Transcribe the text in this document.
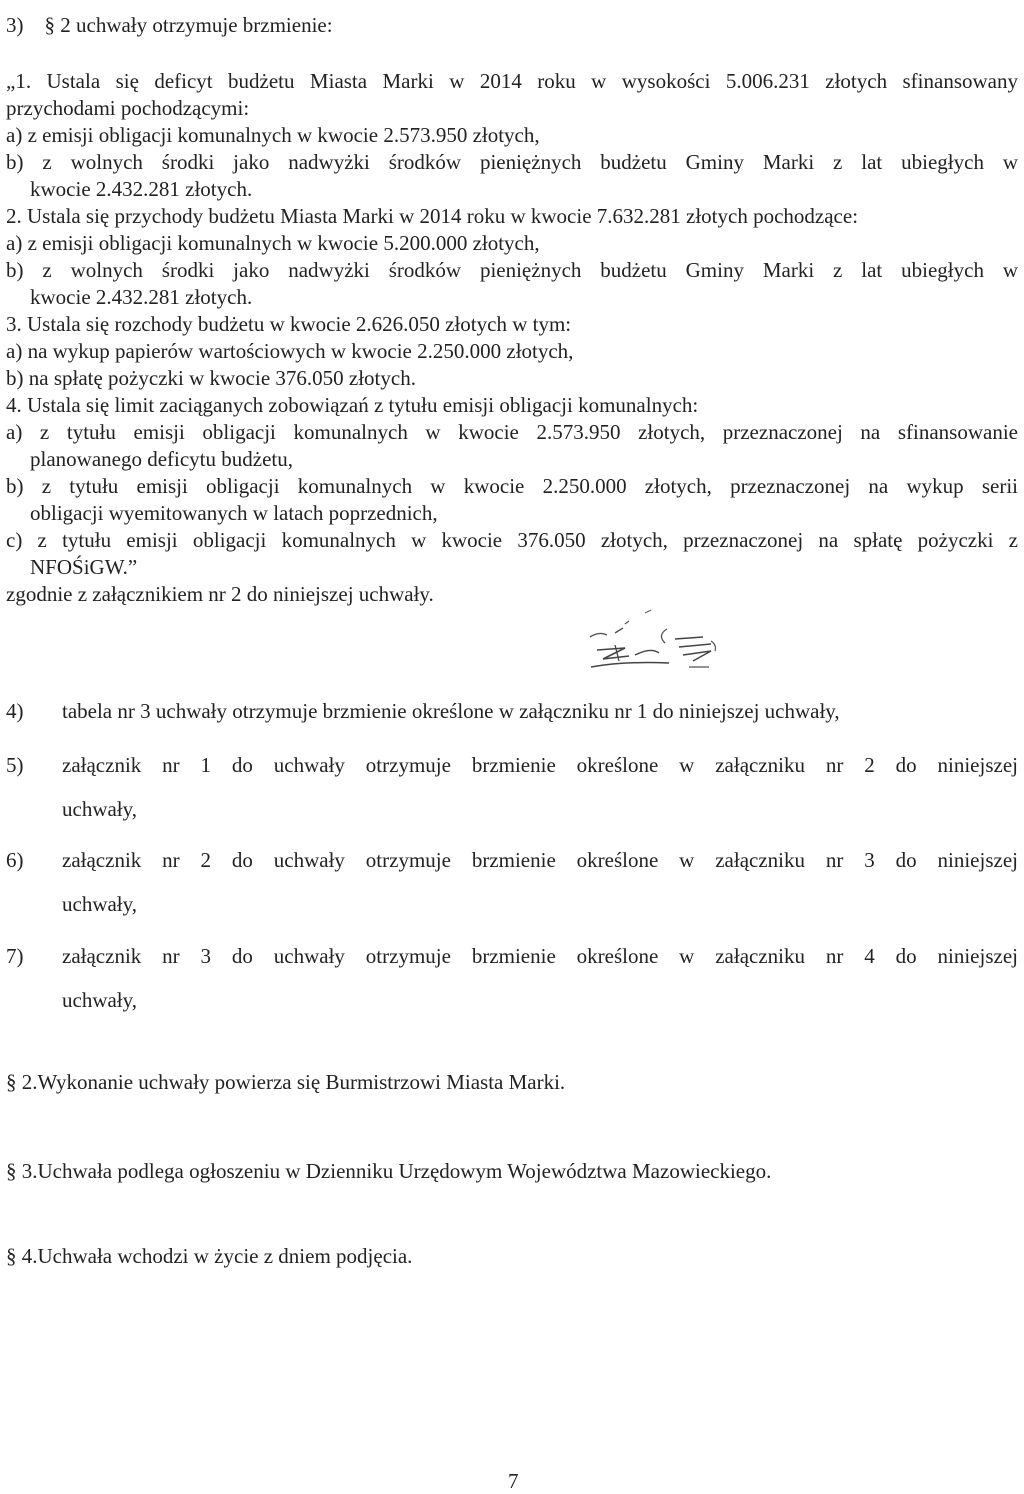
3) § 2 uchwały otrzymuje brzmienie:
„1. Ustala się deficyt budżetu Miasta Marki w 2014 roku w wysokości 5.006.231 złotych sfinansowany
przychodami pochodzącymi:
a) z emisji obligacji komunalnych w kwocie 2.573.950 złotych,
b) z wolnych środki jako nadwyżki środków pieniężnych budżetu Gminy Marki z lat ubiegłych w
kwocie 2.432.281 złotych.
2. Ustala się przychody budżetu Miasta Marki w 2014 roku w kwocie 7.632.281 złotych pochodzące:
a) z emisji obligacji komunalnych w kwocie 5.200.000 złotych,
b) z wolnych środki jako nadwyżki środków pieniężnych budżetu Gminy Marki z lat ubiegłych w
kwocie 2.432.281 złotych.
3. Ustala się rozchody budżetu w kwocie 2.626.050 złotych w tym:
a) na wykup papierów wartościowych w kwocie 2.250.000 złotych,
b) na spłatę pożyczki w kwocie 376.050 złotych.
4. Ustala się limit zaciąganych zobowiązań z tytułu emisji obligacji komunalnych:
a) z tytułu emisji obligacji komunalnych w kwocie 2.573.950 złotych, przeznaczonej na sfinansowanie
planowanego deficytu budżetu,
b) z tytułu emisji obligacji komunalnych w kwocie 2.250.000 złotych, przeznaczonej na wykup serii
obligacji wyemitowanych w latach poprzednich,
c) z tytułu emisji obligacji komunalnych w kwocie 376.050 złotych, przeznaczonej na spłatę pożyczki z
NFOŚiGW.”
zgodnie z załącznikiem nr 2 do niniejszej uchwały.
4) tabela nr 3 uchwały otrzymuje brzmienie określone w załączniku nr 1 do niniejszej uchwały,
5) załącznik nr 1 do uchwały otrzymuje brzmienie określone w załączniku nr 2 do niniejszej
uchwały,
6) załącznik nr 2 do uchwały otrzymuje brzmienie określone w załączniku nr 3 do niniejszej
uchwały,
7) załącznik nr 3 do uchwały otrzymuje brzmienie określone w załączniku nr 4 do niniejszej
uchwały,
§ 2.Wykonanie uchwały powierza się Burmistrzowi Miasta Marki.
§ 3.Uchwała podlega ogłoszeniu w Dzienniku Urzędowym Województwa Mazowieckiego.
§ 4.Uchwała wchodzi w życie z dniem podjęcia.
7
